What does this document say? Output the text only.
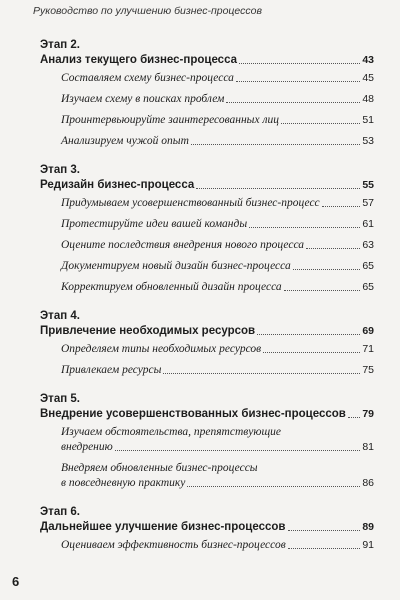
Руководство по улучшению бизнес-процессов
Этап 2.
Анализ текущего бизнес-процесса	43
Составляем схему бизнес-процесса	45
Изучаем схему в поисках проблем	48
Проинтервьюируйте заинтересованных лиц	51
Анализируем чужой опыт	53
Этап 3.
Редизайн бизнес-процесса	55
Придумываем усовершенствованный бизнес-процесс	57
Протестируйте идеи вашей команды	61
Оцените последствия внедрения нового процесса	63
Документируем новый дизайн бизнес-процесса	65
Корректируем обновленный дизайн процесса	65
Этап 4.
Привлечение необходимых ресурсов	69
Определяем типы необходимых ресурсов	71
Привлекаем ресурсы	75
Этап 5.
Внедрение усовершенствованных бизнес-процессов 79
Изучаем обстоятельства, препятствующие
внедрению	81
Внедряем обновленные бизнес-процессы
в повседневную практику	86
Этап 6.
Дальнейшее улучшение бизнес-процессов	89
Оцениваем эффективность бизнес-процессов	91
6
